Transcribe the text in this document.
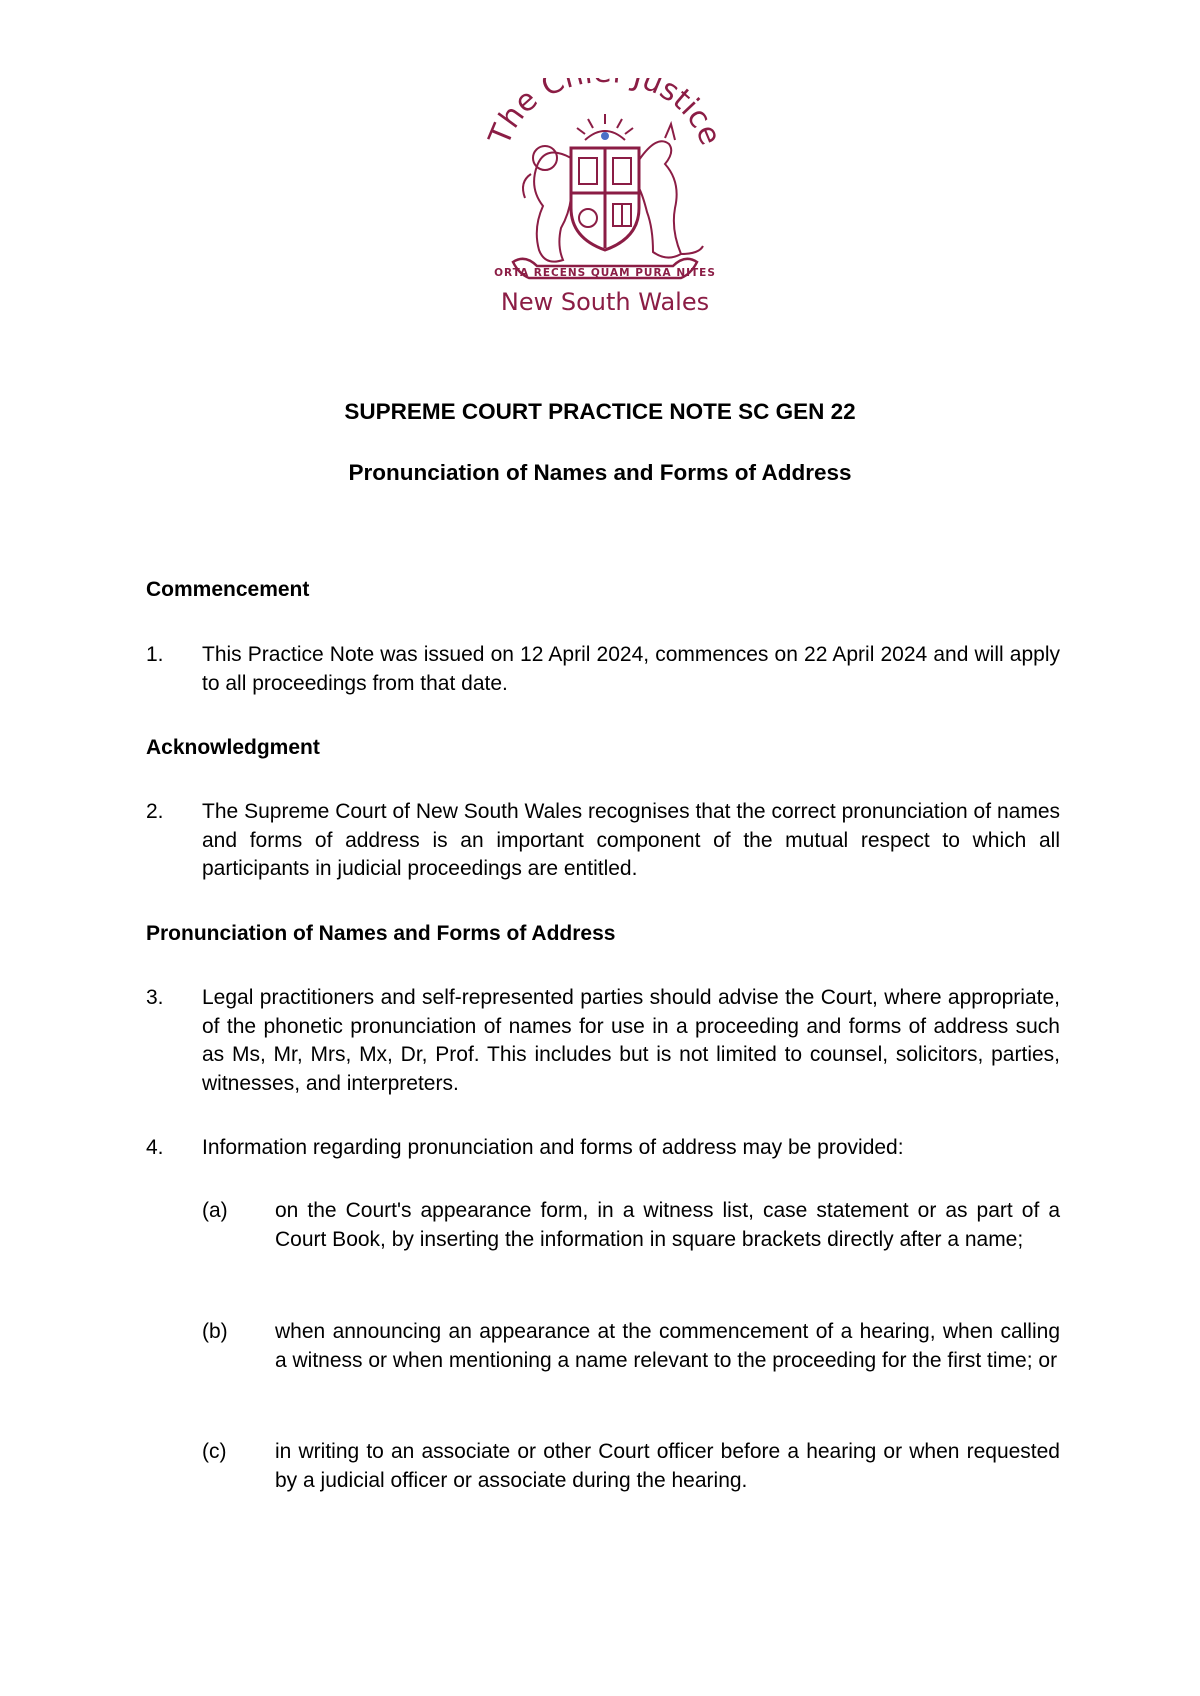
The C ustice
ORTA RECENS QUAM PURA NITES
New South Wales
SUPREME COURT PRACTICE NOTE SC GEN 22
Pronunciation of Names and Forms of Address
Commencement
1. This Practice Note was issued on 12 April 2024, commences on 22 April 2024 and will apply to all proceedings from that date.
Acknowledgment
2. The Supreme Court of New South Wales recognises that the correct pronunciation of names and forms of address is an important component of the mutual respect to which all participants in judicial proceedings are entitled.
Pronunciation of Names and Forms of Address
3. Legal practitioners and self-represented parties should advise the Court, where appropriate, of the phonetic pronunciation of names for use in a proceeding and forms of address such as Ms, Mr, Mrs, Mx, Dr, Prof. This includes but is not limited to counsel, solicitors, parties, witnesses, and interpreters.
4. Information regarding pronunciation and forms of address may be provided:
(a) on the Court's appearance form, in a witness list, case statement or as part of a Court Book, by inserting the information in square brackets directly after a name;
(b) when announcing an appearance at the commencement of a hearing, when calling a witness or when mentioning a name relevant to the proceeding for the first time; or
(c) in writing to an associate or other Court officer before a hearing or when requested by a judicial officer or associate during the hearing.
